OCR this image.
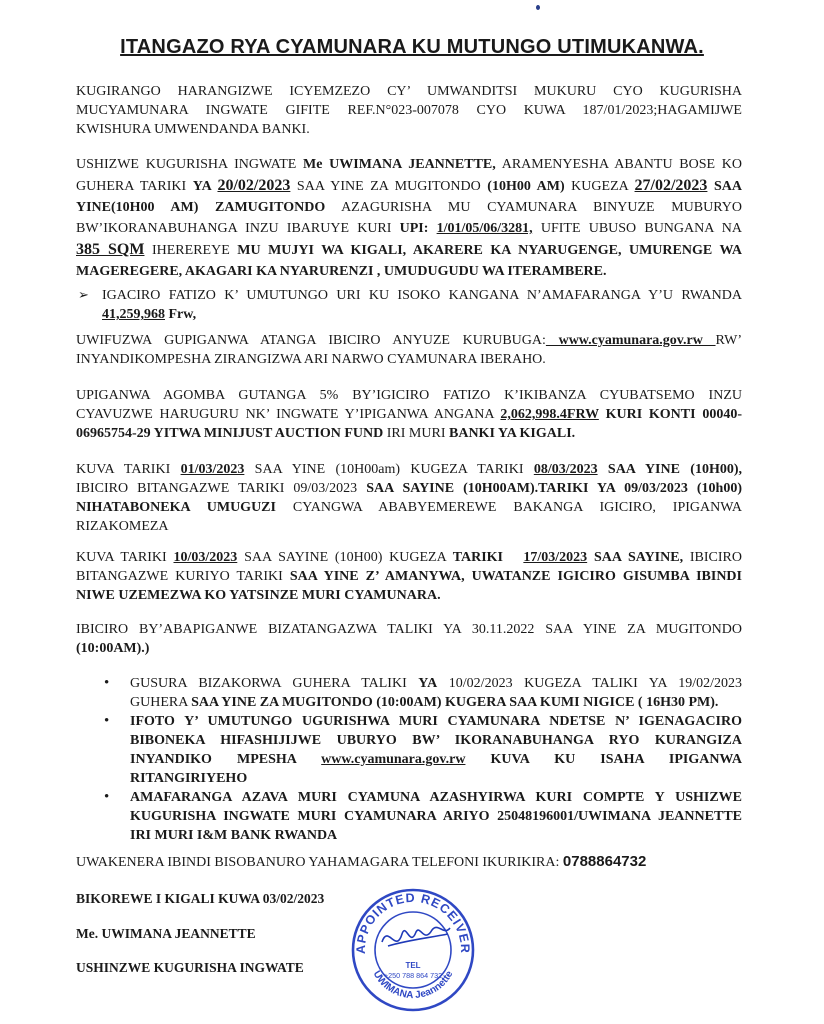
ITANGAZO RYA CYAMUNARA KU MUTUNGO UTIMUKANWA.
KUGIRANGO HARANGIZWE ICYEMZEZO CY’ UMWANDITSI MUKURU CYO KUGURISHA
MUCYAMUNARA INGWATE GIFITE REF.N°023-007078 CYO KUWA 187/01/2023;HAGAMIJWE
KWISHURA UMWENDANDA BANKI.
USHIZWE KUGURISHA INGWATE Me UWIMANA JEANNETTE, ARAMENYESHA ABANTU BOSE KO
GUHERA TARIKI YA 20/02/2023 SAA YINE ZA MUGITONDO (10H00 AM) KUGEZA 27/02/2023 SAA
YINE(10H00 AM) ZAMUGITONDO AZAGURISHA MU CYAMUNARA BINYUZE MUBURYO
BW’IKORANABUHANGA INZU IBARUYE KURI UPI: 1/01/05/06/3281, UFITE UBUSO BUNGANA NA
385 SQM IHEREREYE MU MUJYI WA KIGALI, AKARERE KA NYARUGENGE, UMURENGE WA
MAGEREGERE, AKAGARI KA NYARURENZI , UMUDUGUDU WA ITERAMBERE.
➢ IGACIRO FATIZO K’ UMUTUNGO URI KU ISOKO KANGANA N’AMAFARANGA Y’U RWANDA
41,259,968 Frw,
UWIFUZWA GUPIGANWA ATANGA IBICIRO ANYUZE KURUBUGA: www.cyamunara.gov.rw RW’
INYANDIKOMPESHA ZIRANGIZWA ARI NARWO CYAMUNARA IBERAHO.
UPIGANWA AGOMBA GUTANGA 5% BY’IGICIRO FATIZO K’IKIBANZA CYUBATSEMO INZU
CYAVUZWE HARUGURU NK’ INGWATE Y’IPIGANWA ANGANA 2,062,998.4FRW KURI KONTI 00040-
06965754-29 YITWA MINIJUST AUCTION FUND IRI MURI BANKI YA KIGALI.
KUVA TARIKI 01/03/2023 SAA YINE (10H00am) KUGEZA TARIKI 08/03/2023 SAA YINE (10H00),
IBICIRO BITANGAZWE TARIKI 09/03/2023 SAA SAYINE (10H00AM).TARIKI YA 09/03/2023 (10h00)
NIHATABONEKA UMUGUZI CYANGWA ABABYEMEREWE BAKANGA IGICIRO, IPIGANWA
RIZAKOMEZA
KUVA TARIKI 10/03/2023 SAA SAYINE (10H00) KUGEZA TARIKI 17/03/2023 SAA SAYINE, IBICIRO
BITANGAZWE KURIYO TARIKI SAA YINE Z’ AMANYWA, UWATANZE IGICIRO GISUMBA IBINDI
NIWE UZEMEZWA KO YATSINZE MURI CYAMUNARA.
IBICIRO BY’ABAPIGANWE BIZATANGAZWA TALIKI YA 30.11.2022 SAA YINE ZA MUGITONDO
(10:00AM).)
• GUSURA BIZAKORWA GUHERA TALIKI YA 10/02/2023 KUGEZA TALIKI YA 19/02/2023
GUHERA SAA YINE ZA MUGITONDO (10:00AM) KUGERA SAA KUMI NIGICE ( 16H30 PM).
• IFOTO Y’ UMUTUNGO UGURISHWA MURI CYAMUNARA NDETSE N’ IGENAGACIRO
BIBONEKA HIFASHIJIJWE UBURYO BW’ IKORANABUHANGA RYO KURANGIZA
INYANDIKO MPESHA www.cyamunara.gov.rw KUVA KU ISAHA IPIGANWA
RITANGIRIYEHO
• AMAFARANGA AZAVA MURI CYAMUNA AZASHYIRWA KURI COMPTE Y USHIZWE
KUGURISHA INGWATE MURI CYAMUNARA ARIYO 25048196001/UWIMANA JEANNETTE
IRI MURI I&M BANK RWANDA
UWAKENERA IBINDI BISOBANURO YAHAMAGARA TELEFONI IKURIKIRA: 0788864732
BIKOREWE I KIGALI KUWA 03/02/2023
Me. UWIMANA JEANNETTE
USHINZWE KUGURISHA INGWATE
APPOINTED RECEIVER
UWIMANA Jeannette
TEL
+250 788 864 732
